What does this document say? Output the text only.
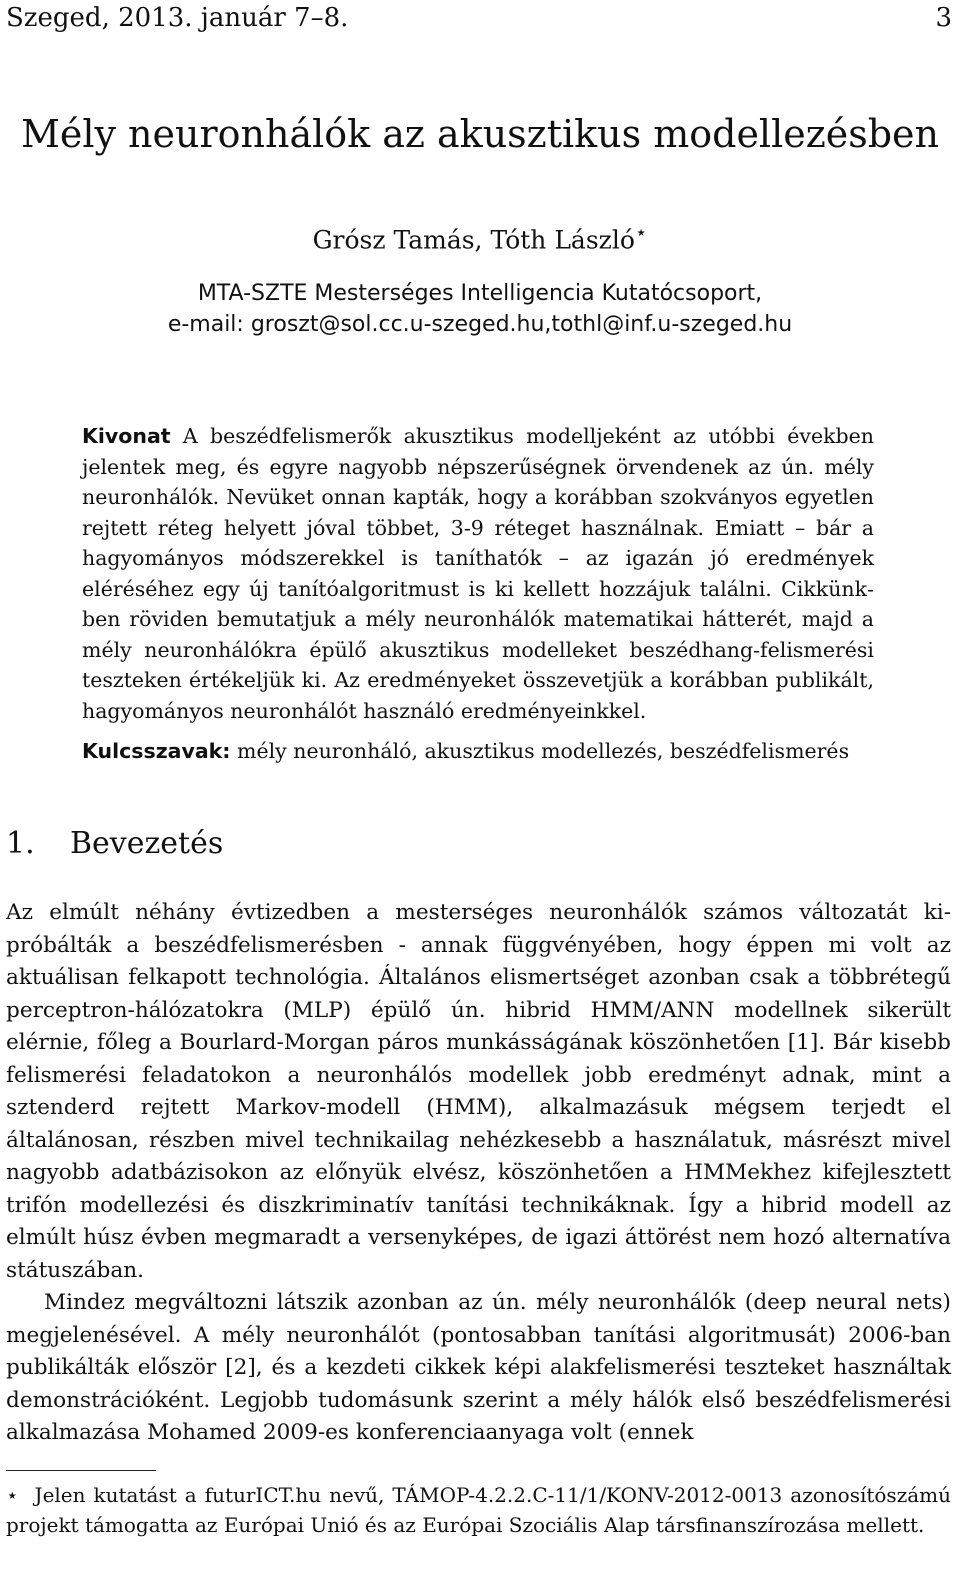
Szeged, 2013. január 7–8.	3
Mély neuronhálók az akusztikus modellezésben
Grósz Tamás, Tóth László⋆
MTA-SZTE Mesterséges Intelligencia Kutatócsoport,
e-mail: groszt@sol.cc.u-szeged.hu,tothl@inf.u-szeged.hu

Kivonat A beszédfelismerők akusztikus modelljeként az utóbbi években jelentek meg, és egyre nagyobb népszerűségnek örvendenek az ún. mély neuronhálók. Nevüket onnan kapták, hogy a korábban szokványos egyetlen rejtett réteg helyett jóval többet, 3-9 réteget használnak. Emiatt – bár a hagyományos módszerekkel is taníthatók – az igazán jó eredmények eléréséhez egy új tanítóalgoritmust is ki kellett hozzájuk találni. Cikkünkben röviden bemutatjuk a mély neuronhálók matematikai hátterét, majd a mély neuronhálókra épülő akusztikus modelleket beszédhang-felismerési teszteken értékeljük ki. Az eredményeket összevetjük a korábban publikált, hagyományos neuronhálót használó eredményeinkkel.

Kulcsszavak: mély neuronháló, akusztikus modellezés, beszédfelismerés
1. Bevezetés

Az elmúlt néhány évtizedben a mesterséges neuronhálók számos változatát kipróbálták a beszédfelismerésben - annak függvényében, hogy éppen mi volt az aktuálisan felkapott technológia. Általános elismertséget azonban csak a többrétegű perceptron-hálózatokra (MLP) épülő ún. hibrid HMM/ANN modellnek sikerült elérnie, főleg a Bourlard-Morgan páros munkásságának köszönhetően [1]. Bár kisebb felismerési feladatokon a neuronhálós modellek jobb eredményt adnak, mint a sztenderd rejtett Markov-modell (HMM), alkalmazásuk mégsem terjedt el általánosan, részben mivel technikailag nehézkesebb a használatuk, másrészt mivel nagyobb adatbázisokon az előnyük elvész, köszönhetően a HMMekhez kifejlesztett trifón modellezési és diszkriminatív tanítási technikáknak. Így a hibrid modell az elmúlt húsz évben megmaradt a versenyképes, de igazi áttörést nem hozó alternatíva státuszában.

Mindez megváltozni látszik azonban az ún. mély neuronhálók (deep neural nets) megjelenésével. A mély neuronhálót (pontosabban tanítási algoritmusát) 2006-ban publikálták először [2], és a kezdeti cikkek képi alakfelismerési teszteket használtak demonstrációként. Legjobb tudomásunk szerint a mély hálók első beszédfelismerési alkalmazása Mohamed 2009-es konferenciaanyaga volt (ennek

⋆ Jelen kutatást a futurICT.hu nevű, TÁMOP-4.2.2.C-11/1/KONV-2012-0013 azonosítószámú projekt támogatta az Európai Unió és az Európai Szociális Alap társfinanszírozása mellett.
